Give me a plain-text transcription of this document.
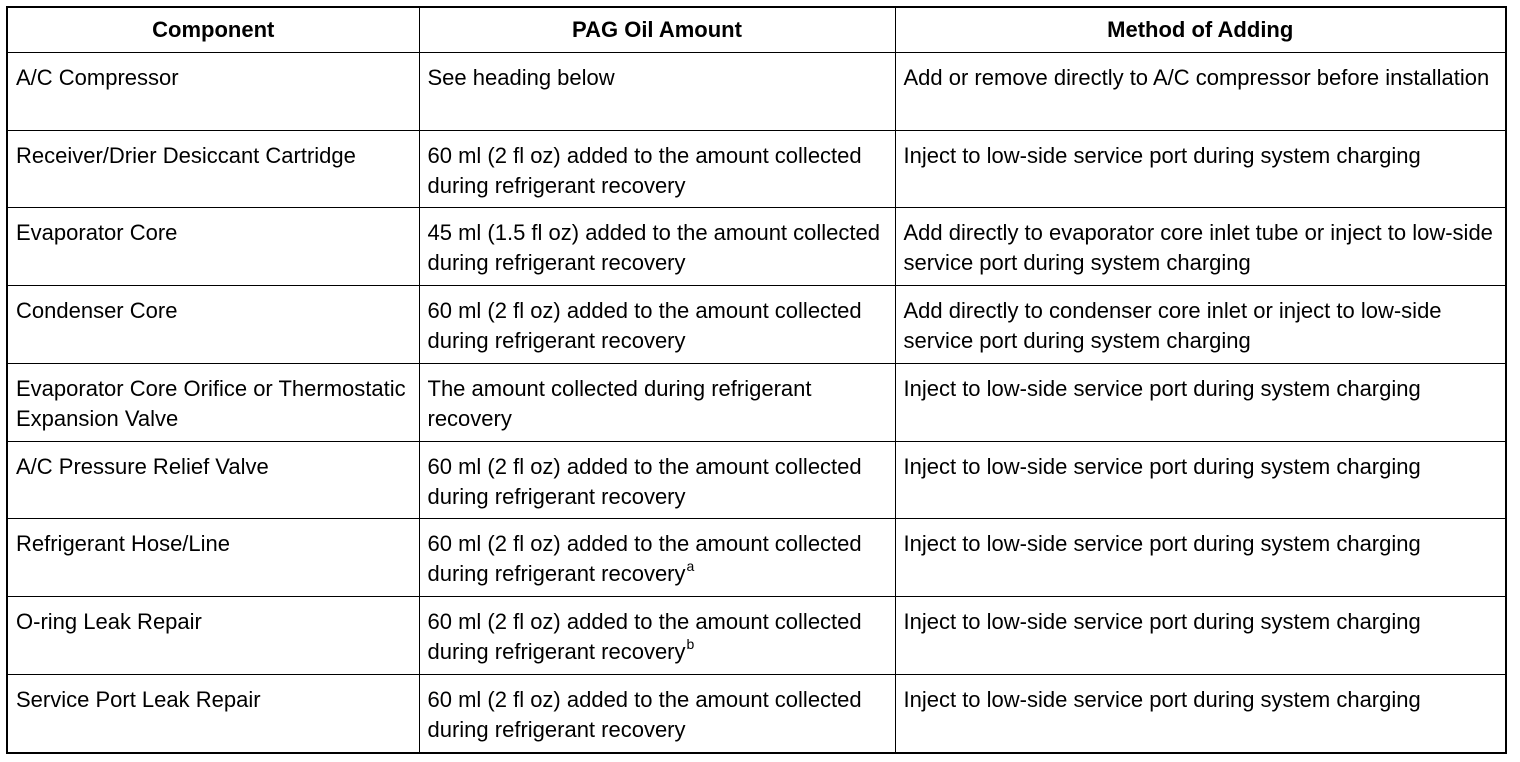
Component	PAG Oil Amount	Method of Adding
A/C Compressor	See heading below	Add or remove directly to A/C compressor before installation
Receiver/Drier Desiccant Cartridge	60 ml (2 fl oz) added to the amount collected during refrigerant recovery	Inject to low-side service port during system charging
Evaporator Core	45 ml (1.5 fl oz) added to the amount collected during refrigerant recovery	Add directly to evaporator core inlet tube or inject to low-side service port during system charging
Condenser Core	60 ml (2 fl oz) added to the amount collected during refrigerant recovery	Add directly to condenser core inlet or inject to low-side service port during system charging
Evaporator Core Orifice or Thermostatic Expansion Valve	The amount collected during refrigerant recovery	Inject to low-side service port during system charging
A/C Pressure Relief Valve	60 ml (2 fl oz) added to the amount collected during refrigerant recovery	Inject to low-side service port during system charging
Refrigerant Hose/Line	60 ml (2 fl oz) added to the amount collected during refrigerant recovery$^a$	Inject to low-side service port during system charging
O-ring Leak Repair	60 ml (2 fl oz) added to the amount collected during refrigerant recovery$^b$	Inject to low-side service port during system charging
Service Port Leak Repair	60 ml (2 fl oz) added to the amount collected during refrigerant recovery	Inject to low-side service port during system charging
